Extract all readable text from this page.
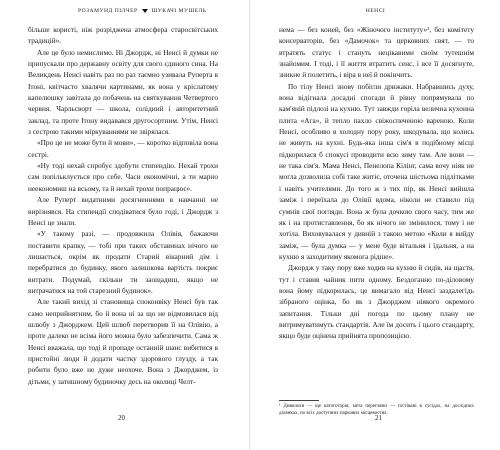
РОЗАМУНД ПІЛЧЕР	ШУКАЧІ МУШЕЛЬ

більше користі, ніж розріджена атмосфера старосвітських традицій».

Але це було немислимо. Ні Джордж, ні Ненсі й думки не припускали про державну освіту для свого єдиного сина. На Великдень Ненсі навіть раз по раз таємно узивала Руперта в Ітоні, квітчасто хвалячи картинами, як вона у кріслатому капелюшку завітала до побачень на святкування Четвертого червня. Чарльсворт — школа, солідний і авторитетний заклад, та проте Ітону видавався другосортним. Утім, Ненсі з сестрою такими міркуваннями не звірялася.

«Про це не може бути й мови», — коротко відповіла вона сестрі.

«Ну тоді нехай спробує здобути стипендію. Нехай трохи сам попільклується про себе. Часи економічні, а ти марно неекономиш на всьому, та й нехай трохи попрацює».

Але Руперт видатними досягненнями в навчанні не вирізнявся. На стипендії сподіватися було годі, і Джордж з Ненсі це знали.

«У такому разі, — продовжила Олівія, бажаючи поставити крапку, — тобі при таких обставинах нічого не лишається, окрім як продати Старий вікарний дім і перебратися до будинку, якого залишкова вартість покриє витрати. Подумай, скільки ти заощадиш, якщо не витрачатися на той старезний будинок».

Але такий вихід зі становища споконвіку Ненсі був так само неприйнятним, бо й вона ні за що не відмовилася від шлюбу з Джорджем. Цей шлюб перетворив її на Олівію, а проте далеко не всіма його можна було забезпечити. Сама ж Ненсі вважала, що тоді й пропаде останній шанс вибитися в пристойні люди й додати частку здорового глузду, а так робити було вже не дуже неохоче. Вона з Джорджем, із дітьми, у затишному будиночку десь на околиці Челт-

20
НЕНСІ

нема — без коней, без «Жіночого інституту»¹, без комітету консерваторів, без «Дамочок» та церковних свят, — то втратять статус і стануть нецікавими своїм тутешнім знайомим. І тоді, і її життя втратить сенс, і все її досягнуте, зникне й полетить, і віра в неї й покінчить.

По тілу Ненсі знову побігли дрижаки. Набравшись духу, вона відігнала досадні спогади й рівну попрямувала по кам'яній підлозі на кухню. Тут завжди горіла велична кухонна плита «Ага», й тепло пахло свіжоспеченою вареною. Коли Ненсі, особливо в холодну пору року, шкодувала, що колись не живуть на кухні. Будь-яка інша сім'я в подібному місці підкорилася б спокусі проводити всю зиму там. Але вони — не така сім'я. Мама Ненсі, Пенелопа Кілінг, сама вочу ніяк не могла дозволила собі таке житіє, оточена шістьома підлітками і навіть учителями. До того ж з тих пір, як Ненсі вийшла заміж і переїхала до Олівії вдома, ніколи не ставило під сумнів свої погляди. Вона ж була дочкою свого часу, тим же як і на протиставлення, бо як нічого не змінилося, тому і не хотіла. Виховувалася у дивній з такою метою «Коли я вийду заміж, — була думка — у мене буде вітальня і їдальня, а на кухню я заходитиму якомога рідше».

Джордж у таку пору вже ходив на кухню й сидів, на щастя, тут і ставив чайник пити одному. Бездоганно по-діловому вона йому підкорилась, це вимагало від Ненсі заздалегідь зібраного оцінка, бо як з Джорджем ніякого окремого запитання. Тільки дні погода по цьому плану не витримуватимуть стандартів. Але їм досить і цього стандарту, якщо буде оцінена прийнята пропозицією.

¹ Дивилися — ще катоготорія; мета перегляни — гостівані в сусідах, на дослідних ділянках, по всіх доступних паркових місцевостях.
21
